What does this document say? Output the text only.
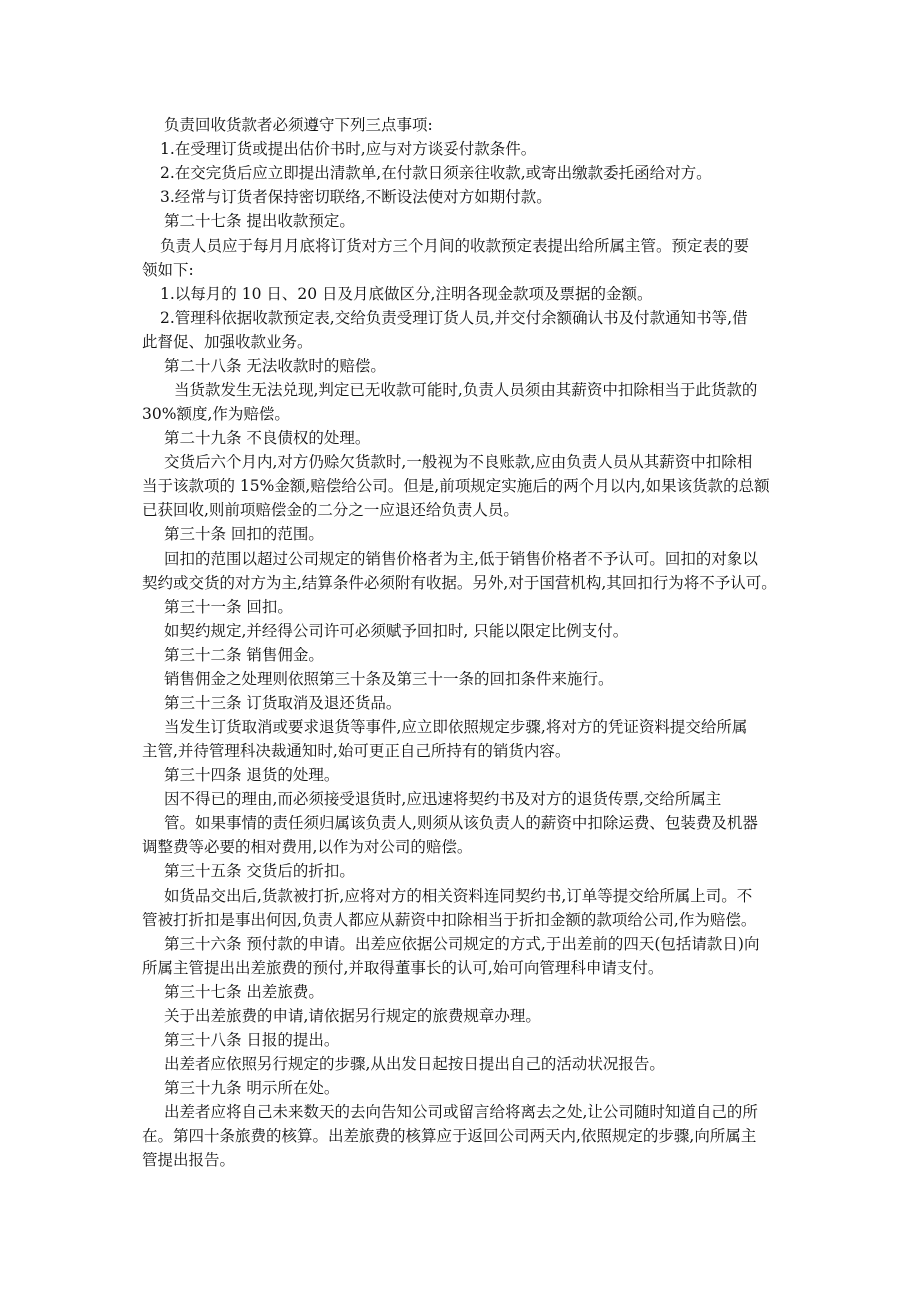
负责回收货款者必须遵守下列三点事项:
1.在受理订货或提出估价书时,应与对方谈妥付款条件。
2.在交完货后应立即提出清款单,在付款日须亲往收款,或寄出缴款委托函给对方。
3.经常与订货者保持密切联络,不断设法使对方如期付款。
第二十七条 提出收款预定。
负责人员应于每月月底将订货对方三个月间的收款预定表提出给所属主管。预定表的要
领如下:
1.以每月的 10 日、20 日及月底做区分,注明各现金款项及票据的金额。
2.管理科依据收款预定表,交给负责受理订货人员,并交付余额确认书及付款通知书等,借
此督促、加强收款业务。
第二十八条 无法收款时的赔偿。
当货款发生无法兑现,判定已无收款可能时,负责人员须由其薪资中扣除相当于此货款的
30%额度,作为赔偿。
第二十九条 不良债权的处理。
交货后六个月内,对方仍赊欠货款时,一般视为不良账款,应由负责人员从其薪资中扣除相
当于该款项的 15%金额,赔偿给公司。但是,前项规定实施后的两个月以内,如果该货款的总额
已获回收,则前项赔偿金的二分之一应退还给负责人员。
第三十条 回扣的范围。
回扣的范围以超过公司规定的销售价格者为主,低于销售价格者不予认可。回扣的对象以
契约或交货的对方为主,结算条件必须附有收据。另外,对于国营机构,其回扣行为将不予认可。
第三十一条 回扣。
如契约规定,并经得公司许可必须赋予回扣时, 只能以限定比例支付。
第三十二条 销售佣金。
销售佣金之处理则依照第三十条及第三十一条的回扣条件来施行。
第三十三条 订货取消及退还货品。
当发生订货取消或要求退货等事件,应立即依照规定步骤,将对方的凭证资料提交给所属
主管,并待管理科决裁通知时,始可更正自己所持有的销货内容。
第三十四条 退货的处理。
因不得已的理由,而必须接受退货时,应迅速将契约书及对方的退货传票,交给所属主
管。如果事情的责任须归属该负责人,则须从该负责人的薪资中扣除运费、包装费及机器
调整费等必要的相对费用,以作为对公司的赔偿。
第三十五条 交货后的折扣。
如货品交出后,货款被打折,应将对方的相关资料连同契约书,订单等提交给所属上司。不
管被打折扣是事出何因,负责人都应从薪资中扣除相当于折扣金额的款项给公司,作为赔偿。
第三十六条 预付款的申请。出差应依据公司规定的方式,于出差前的四天(包括请款日)向
所属主管提出出差旅费的预付,并取得董事长的认可,始可向管理科申请支付。
第三十七条 出差旅费。
关于出差旅费的申请,请依据另行规定的旅费规章办理。
第三十八条 日报的提出。
出差者应依照另行规定的步骤,从出发日起按日提出自己的活动状况报告。
第三十九条 明示所在处。
出差者应将自己未来数天的去向告知公司或留言给将离去之处,让公司随时知道自己的所
在。第四十条旅费的核算。出差旅费的核算应于返回公司两天内,依照规定的步骤,向所属主
管提出报告。
